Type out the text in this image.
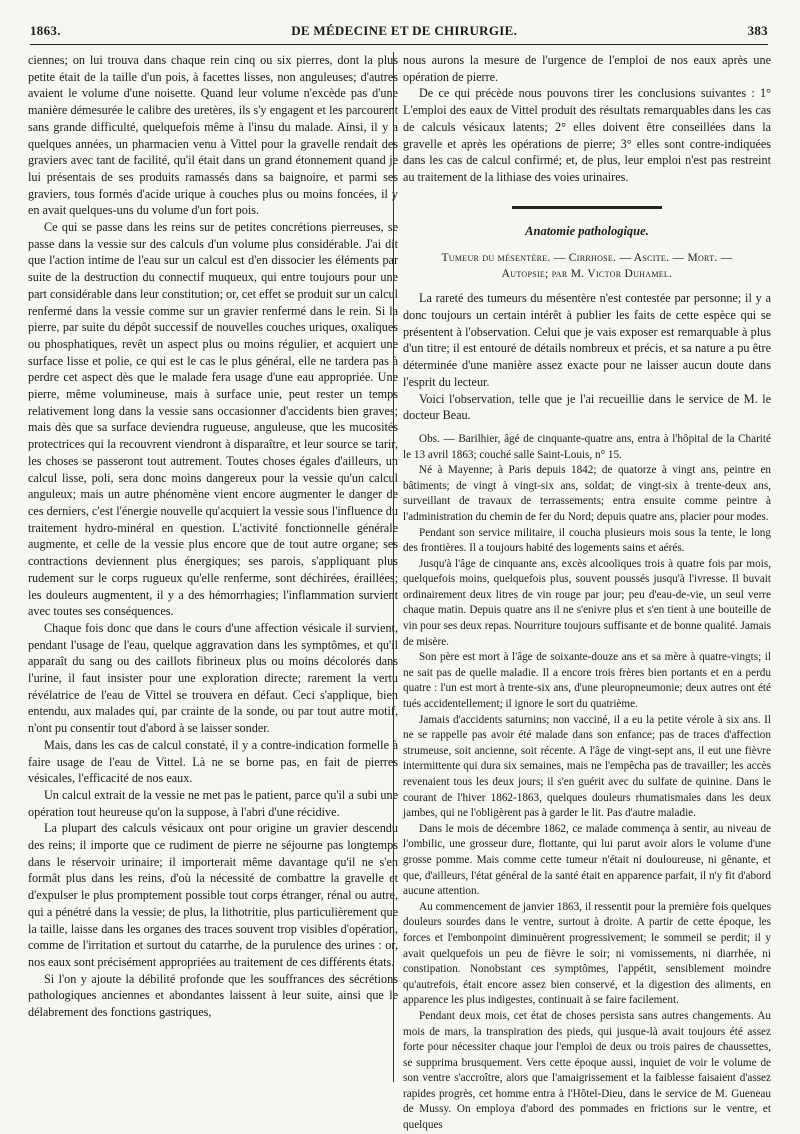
1863.	DE MÉDECINE ET DE CHIRURGIE.	383

ciennes; on lui trouva dans chaque rein cinq ou six pierres, dont la plus petite était de la taille d'un pois, à facettes lisses, non anguleuses; d'autres avaient le volume d'une noisette. Quand leur volume n'excède pas d'une manière démesurée le calibre des uretères, ils s'y engagent et les parcourent sans grande difficulté, quelquefois même à l'insu du malade. Ainsi, il y a quelques années, un pharmacien venu à Vittel pour la gravelle rendait des graviers avec tant de facilité, qu'il était dans un grand étonnement quand je lui présentais de ses produits ramassés dans sa baignoire, et parmi ses graviers, tous formés d'acide urique à couches plus ou moins foncées, il y en avait quelques-uns du volume d'un fort pois.

Ce qui se passe dans les reins sur de petites concrétions pierreuses, se passe dans la vessie sur des calculs d'un volume plus considérable. J'ai dit que l'action intime de l'eau sur un calcul est d'en dissocier les éléments par suite de la destruction du connectif muqueux, qui entre toujours pour une part considérable dans leur constitution; or, cet effet se produit sur un calcul renfermé dans la vessie comme sur un gravier renfermé dans le rein. Si la pierre, par suite du dépôt successif de nouvelles couches uriques, oxaliques ou phosphatiques, revêt un aspect plus ou moins régulier, et acquiert une surface lisse et polie, ce qui est le cas le plus général, elle ne tardera pas à perdre cet aspect dès que le malade fera usage d'une eau appropriée. Une pierre, même volumineuse, mais à surface unie, peut rester un temps relativement long dans la vessie sans occasionner d'accidents bien graves; mais dès que sa surface deviendra rugueuse, anguleuse, que les mucosités protectrices qui la recouvrent viendront à disparaître, et leur source se tarir, les choses se passeront tout autrement. Toutes choses égales d'ailleurs, un calcul lisse, poli, sera donc moins dangereux pour la vessie qu'un calcul anguleux; mais un autre phénomène vient encore augmenter le danger de ces derniers, c'est l'énergie nouvelle qu'acquiert la vessie sous l'influence du traitement hydro-minéral en question. L'activité fonctionnelle générale augmente, et celle de la vessie plus encore que de tout autre organe; ses contractions deviennent plus énergiques; ses parois, s'appliquant plus rudement sur le corps rugueux qu'elle renferme, sont déchirées, éraillées; les douleurs augmentent, il y a des hémorrhagies; l'inflammation survient avec toutes ses conséquences.

Chaque fois donc que dans le cours d'une affection vésicale il survient, pendant l'usage de l'eau, quelque aggravation dans les symptômes, et qu'il apparaît du sang ou des caillots fibrineux plus ou moins décolorés dans l'urine, il faut insister pour une exploration directe; rarement la vertu révélatrice de l'eau de Vittel se trouvera en défaut. Ceci s'applique, bien entendu, aux malades qui, par crainte de la sonde, ou par tout autre motif, n'ont pu consentir tout d'abord à se laisser sonder.

Mais, dans les cas de calcul constaté, il y a contre-indication formelle à faire usage de l'eau de Vittel. Là ne se borne pas, en fait de pierres vésicales, l'efficacité de nos eaux.

Un calcul extrait de la vessie ne met pas le patient, parce qu'il a subi une opération tout heureuse qu'on la suppose, à l'abri d'une récidive.

La plupart des calculs vésicaux ont pour origine un gravier descendu des reins; il importe que ce rudiment de pierre ne séjourne pas longtemps dans le réservoir urinaire; il importerait même davantage qu'il ne s'en formât plus dans les reins, d'où la nécessité de combattre la gravelle et d'expulser le plus promptement possible tout corps étranger, rénal ou autre, qui a pénétré dans la vessie; de plus, la lithotritie, plus particulièrement que la taille, laisse dans les organes des traces souvent trop visibles d'opération, comme de l'irritation et surtout du catarrhe, de la purulence des urines : or, nos eaux sont précisément appropriées au traitement de ces différents états.

Si l'on y ajoute la débilité profonde que les souffrances des sécrétions pathologiques anciennes et abondantes laissent à leur suite, ainsi que le délabrement des fonctions gastriques,

nous aurons la mesure de l'urgence de l'emploi de nos eaux après une opération de pierre.

De ce qui précède nous pouvons tirer les conclusions suivantes : 1° L'emploi des eaux de Vittel produit des résultats remarquables dans les cas de calculs vésicaux latents; 2° elles doivent être conseillées dans la gravelle et après les opérations de pierre; 3° elles sont contre-indiquées dans les cas de calcul confirmé; et, de plus, leur emploi n'est pas restreint au traitement de la lithiase des voies urinaires.

Anatomie pathologique.
Tumeur du mésentère. — Cirrhose. — Ascite. — Mort. —
Autopsie; par M. Victor Duhamel.

La rareté des tumeurs du mésentère n'est contestée par personne; il y a donc toujours un certain intérêt à publier les faits de cette espèce qui se présentent à l'observation. Celui que je vais exposer est remarquable à plus d'un titre; il est entouré de détails nombreux et précis, et sa nature a pu être déterminée d'une manière assez exacte pour ne laisser aucun doute dans l'esprit du lecteur.

Voici l'observation, telle que je l'ai recueillie dans le service de M. le docteur Beau.

Obs. — Barilhier, âgé de cinquante-quatre ans, entra à l'hôpital de la Charité le 13 avril 1863; couché salle Saint-Louis, n° 15.

Né à Mayenne; à Paris depuis 1842; de quatorze à vingt ans, peintre en bâtiments; de vingt à vingt-six ans, soldat; de vingt-six à trente-deux ans, surveillant de travaux de terrassements; entra ensuite comme peintre à l'administration du chemin de fer du Nord; depuis quatre ans, placier pour modes.

Pendant son service militaire, il coucha plusieurs mois sous la tente, le long des frontières. Il a toujours habité des logements sains et aérés.

Jusqu'à l'âge de cinquante ans, excès alcooliques trois à quatre fois par mois, quelquefois moins, quelquefois plus, souvent poussés jusqu'à l'ivresse. Il buvait ordinairement deux litres de vin rouge par jour; peu d'eau-de-vie, un seul verre chaque matin. Depuis quatre ans il ne s'enivre plus et s'en tient à une bouteille de vin pour ses deux repas. Nourriture toujours suffisante et de bonne qualité. Jamais de misère.

Son père est mort à l'âge de soixante-douze ans et sa mère à quatre-vingts; il ne sait pas de quelle maladie. Il a encore trois frères bien portants et en a perdu quatre : l'un est mort à trente-six ans, d'une pleuropneumonie; deux autres ont été tués accidentellement; il ignore le sort du quatrième.

Jamais d'accidents saturnins; non vacciné, il a eu la petite vérole à six ans. Il ne se rappelle pas avoir été malade dans son enfance; pas de traces d'affection strumeuse, soit ancienne, soit récente. A l'âge de vingt-sept ans, il eut une fièvre intermittente qui dura six semaines, mais ne l'empêcha pas de travailler; les accès revenaient tous les deux jours; il s'en guérit avec du sulfate de quinine. Dans le courant de l'hiver 1862-1863, quelques douleurs rhumatismales dans les deux jambes, qui ne l'obligèrent pas à garder le lit. Pas d'autre maladie.

Dans le mois de décembre 1862, ce malade commença à sentir, au niveau de l'ombilic, une grosseur dure, flottante, qui lui parut avoir alors le volume d'une grosse pomme. Mais comme cette tumeur n'était ni douloureuse, ni gênante, et que, d'ailleurs, l'état général de la santé était en apparence parfait, il n'y fit d'abord aucune attention.

Au commencement de janvier 1863, il ressentit pour la première fois quelques douleurs sourdes dans le ventre, surtout à droite. A partir de cette époque, les forces et l'embonpoint diminuèrent progressivement; le sommeil se perdit; il y avait quelquefois un peu de fièvre le soir; ni vomissements, ni diarrhée, ni constipation. Nonobstant ces symptômes, l'appétit, sensiblement moindre qu'autrefois, était encore assez bien conservé, et la digestion des aliments, en apparence les plus indigestes, continuait à se faire facilement.

Pendant deux mois, cet état de choses persista sans autres changements. Au mois de mars, la transpiration des pieds, qui jusque-là avait toujours été assez forte pour nécessiter chaque jour l'emploi de deux ou trois paires de chaussettes, se supprima brusquement. Vers cette époque aussi, inquiet de voir le volume de son ventre s'accroître, alors que l'amaigrissement et la faiblesse faisaient d'assez rapides progrès, cet homme entra à l'Hôtel-Dieu, dans le service de M. Gueneau de Mussy. On employa d'abord des pommades en frictions sur le ventre, et quelques
